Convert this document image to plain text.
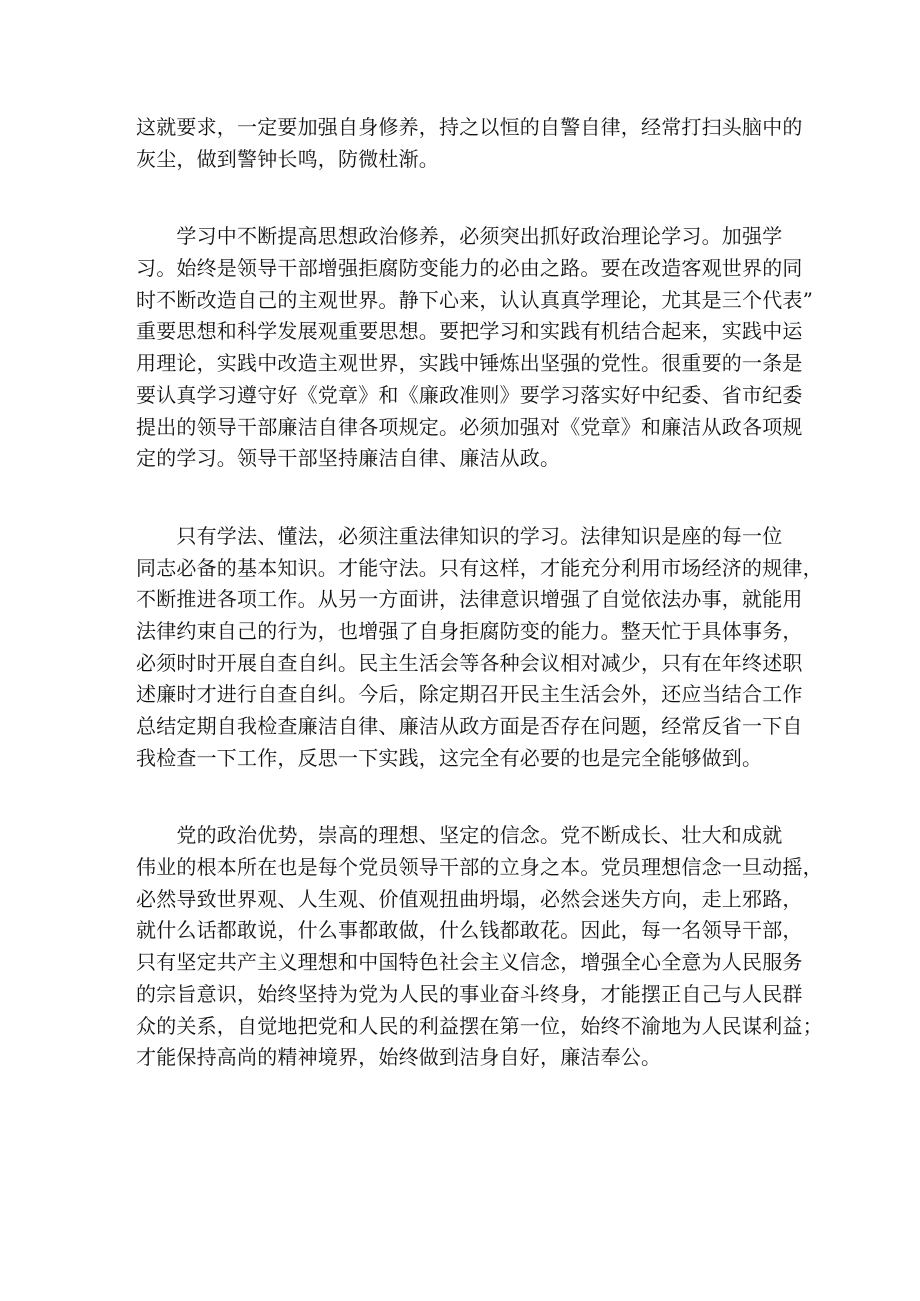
这就要求，一定要加强自身修养，持之以恒的自警自律，经常打扫头脑中的
灰尘，做到警钟长鸣，防微杜渐。

　　学习中不断提高思想政治修养，必须突出抓好政治理论学习。加强学
习。始终是领导干部增强拒腐防变能力的必由之路。要在改造客观世界的同
时不断改造自己的主观世界。静下心来，认认真真学理论，尤其是三个代表”
重要思想和科学发展观重要思想。要把学习和实践有机结合起来，实践中运
用理论，实践中改造主观世界，实践中锤炼出坚强的党性。很重要的一条是
要认真学习遵守好《党章》和《廉政准则》要学习落实好中纪委、省市纪委
提出的领导干部廉洁自律各项规定。必须加强对《党章》和廉洁从政各项规
定的学习。领导干部坚持廉洁自律、廉洁从政。

　　只有学法、懂法，必须注重法律知识的学习。法律知识是座的每一位
同志必备的基本知识。才能守法。只有这样，才能充分利用市场经济的规律，
不断推进各项工作。从另一方面讲，法律意识增强了自觉依法办事，就能用
法律约束自己的行为，也增强了自身拒腐防变的能力。整天忙于具体事务，
必须时时开展自查自纠。民主生活会等各种会议相对减少，只有在年终述职
述廉时才进行自查自纠。今后，除定期召开民主生活会外，还应当结合工作
总结定期自我检查廉洁自律、廉洁从政方面是否存在问题，经常反省一下自
我检查一下工作，反思一下实践，这完全有必要的也是完全能够做到。

　　党的政治优势，崇高的理想、坚定的信念。党不断成长、壮大和成就
伟业的根本所在也是每个党员领导干部的立身之本。党员理想信念一旦动摇，
必然导致世界观、人生观、价值观扭曲坍塌，必然会迷失方向，走上邪路，
就什么话都敢说，什么事都敢做，什么钱都敢花。因此，每一名领导干部，
只有坚定共产主义理想和中国特色社会主义信念，增强全心全意为人民服务
的宗旨意识，始终坚持为党为人民的事业奋斗终身，才能摆正自己与人民群
众的关系，自觉地把党和人民的利益摆在第一位，始终不渝地为人民谋利益；
才能保持高尚的精神境界，始终做到洁身自好，廉洁奉公。
